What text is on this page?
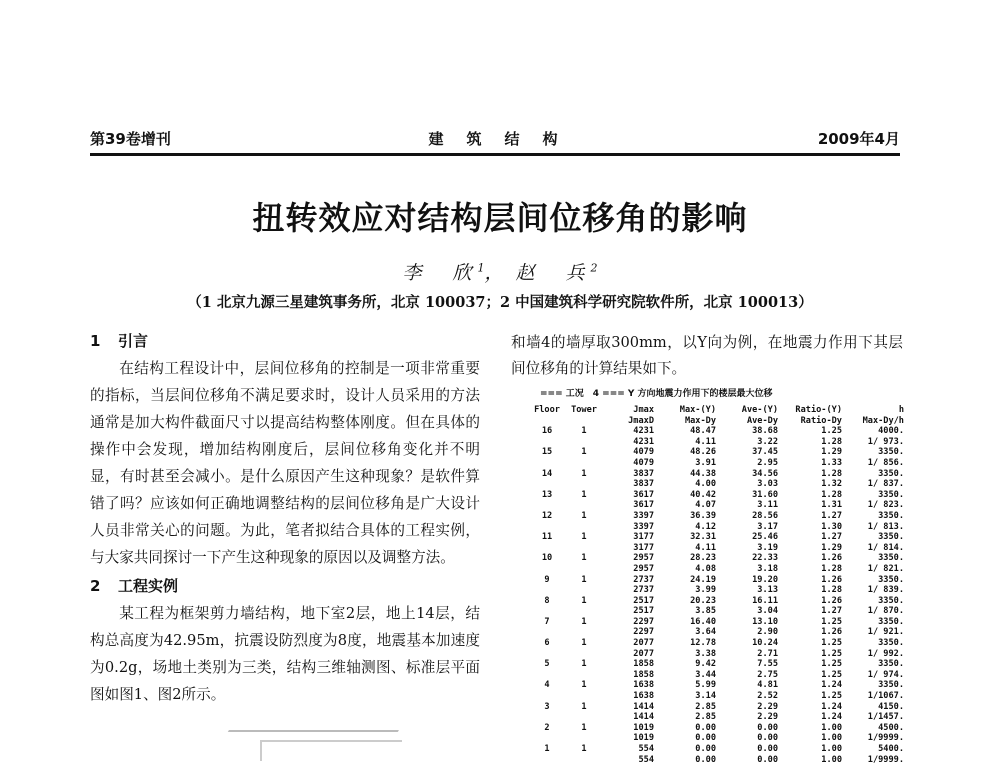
第39卷增刊	建　筑　结　构	2009年4月
扭转效应对结构层间位移角的影响
李　欣$^1$， 赵　兵$^2$
（1 北京九源三星建筑事务所，北京 100037；2 中国建筑科学研究院软件所，北京 100013）
1 引言

在结构工程设计中，层间位移角的控制是一项非常重要的指标，当层间位移角不满足要求时，设计人员采用的方法通常是加大构件截面尺寸以提高结构整体刚度。但在具体的操作中会发现，增加结构刚度后，层间位移角变化并不明显，有时甚至会减小。是什么原因产生这种现象？是软件算错了吗？应该如何正确地调整结构的层间位移角是广大设计人员非常关心的问题。为此，笔者拟结合具体的工程实例，与大家共同探讨一下产生这种现象的原因以及调整方法。

2 工程实例

某工程为框架剪力墙结构，地下室2层，地上14层，结构总高度为42.95m，抗震设防烈度为8度，地震基本加速度为0.2g，场地土类别为三类，结构三维轴测图、标准层平面图如图1、图2所示。

和墙4的墙厚取300mm，以Y向为例，在地震力作用下其层间位移角的计算结果如下。
=== 工况　4 === Y 方向地震力作用下的楼层最大位移
Floor	Tower	Jmax	Max-(Y)	Ave-(Y)	Ratio-(Y)	h
		JmaxD	Max-Dy	Ave-Dy	Ratio-Dy	Max-Dy/h
16	1	4231	48.47	38.68	1.25	4000.
		4231	4.11	3.22	1.28	1/ 973.
15	1	4079	48.26	37.45	1.29	3350.
		4079	3.91	2.95	1.33	1/ 856.
14	1	3837	44.38	34.56	1.28	3350.
		3837	4.00	3.03	1.32	1/ 837.
13	1	3617	40.42	31.60	1.28	3350.
		3617	4.07	3.11	1.31	1/ 823.
12	1	3397	36.39	28.56	1.27	3350.
		3397	4.12	3.17	1.30	1/ 813.
11	1	3177	32.31	25.46	1.27	3350.
		3177	4.11	3.19	1.29	1/ 814.
10	1	2957	28.23	22.33	1.26	3350.
		2957	4.08	3.18	1.28	1/ 821.
9	1	2737	24.19	19.20	1.26	3350.
		2737	3.99	3.13	1.28	1/ 839.
8	1	2517	20.23	16.11	1.26	3350.
		2517	3.85	3.04	1.27	1/ 870.
7	1	2297	16.40	13.10	1.25	3350.
		2297	3.64	2.90	1.26	1/ 921.
6	1	2077	12.78	10.24	1.25	3350.
		2077	3.38	2.71	1.25	1/ 992.
5	1	1858	9.42	7.55	1.25	3350.
		1858	3.44	2.75	1.25	1/ 974.
4	1	1638	5.99	4.81	1.24	3350.
		1638	3.14	2.52	1.25	1/1067.
3	1	1414	2.85	2.29	1.24	4150.
		1414	2.85	2.29	1.24	1/1457.
2	1	1019	0.00	0.00	1.00	4500.
		1019	0.00	0.00	1.00	1/9999.
1	1	554	0.00	0.00	1.00	5400.
		554	0.00	0.00	1.00	1/9999.
